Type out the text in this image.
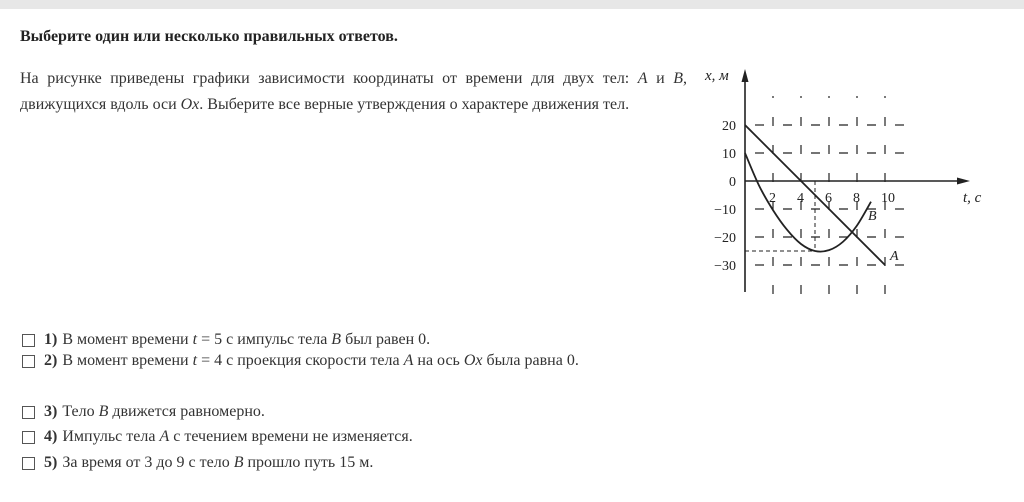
Выберите один или несколько правильных ответов.

На рисунке приведены графики зависимости координаты от времени для двух тел: A и B, движущихся вдоль оси Ox. Выберите все верные утверждения о характере движения тел.

2 4 6 8 10
20
10
0
−10
−20
−30
x, м
t, с
A
B
1) В момент времени t = 5 с импульс тела B был равен 0.
2) В момент времени t = 4 с проекция скорости тела A на ось Ox была равна 0.
3) Тело B движется равномерно.
4) Импульс тела A с течением времени не изменяется.
5) За время от 3 до 9 с тело B прошло путь 15 м.
